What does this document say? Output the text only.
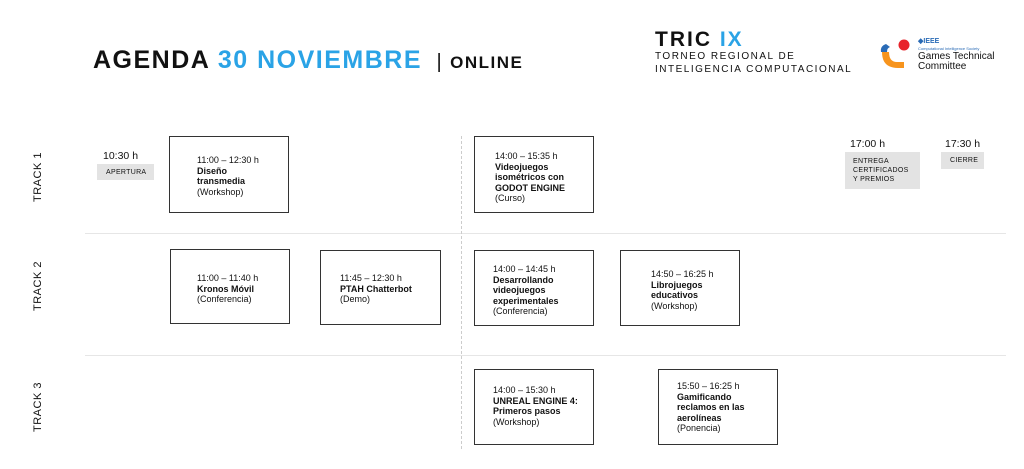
AGENDA 30 NOVIEMBRE | ONLINE
TRIC IX
TORNEO REGIONAL DE
INTELIGENCIA COMPUTACIONAL
◆IEEE
Computational Intelligence Society
Games Technical
Committee
TRACK 1
TRACK 2
TRACK 3
10:30 h
APERTURA
11:00 – 12:30 h
Diseño
transmedia
(Workshop)
14:00 – 15:35 h
Videojuegos
isométricos con
GODOT ENGINE
(Curso)
17:00 h
ENTREGA
CERTIFICADOS
Y PREMIOS
17:30 h
CIERRE
11:00 – 11:40 h
Kronos Móvil
(Conferencia)
11:45 – 12:30 h
PTAH Chatterbot
(Demo)
14:00 – 14:45 h
Desarrollando
videojuegos
experimentales
(Conferencia)
14:50 – 16:25 h
Librojuegos
educativos
(Workshop)
14:00 – 15:30 h
UNREAL ENGINE 4:
Primeros pasos
(Workshop)
15:50 – 16:25 h
Gamificando
reclamos en las
aerolíneas
(Ponencia)
